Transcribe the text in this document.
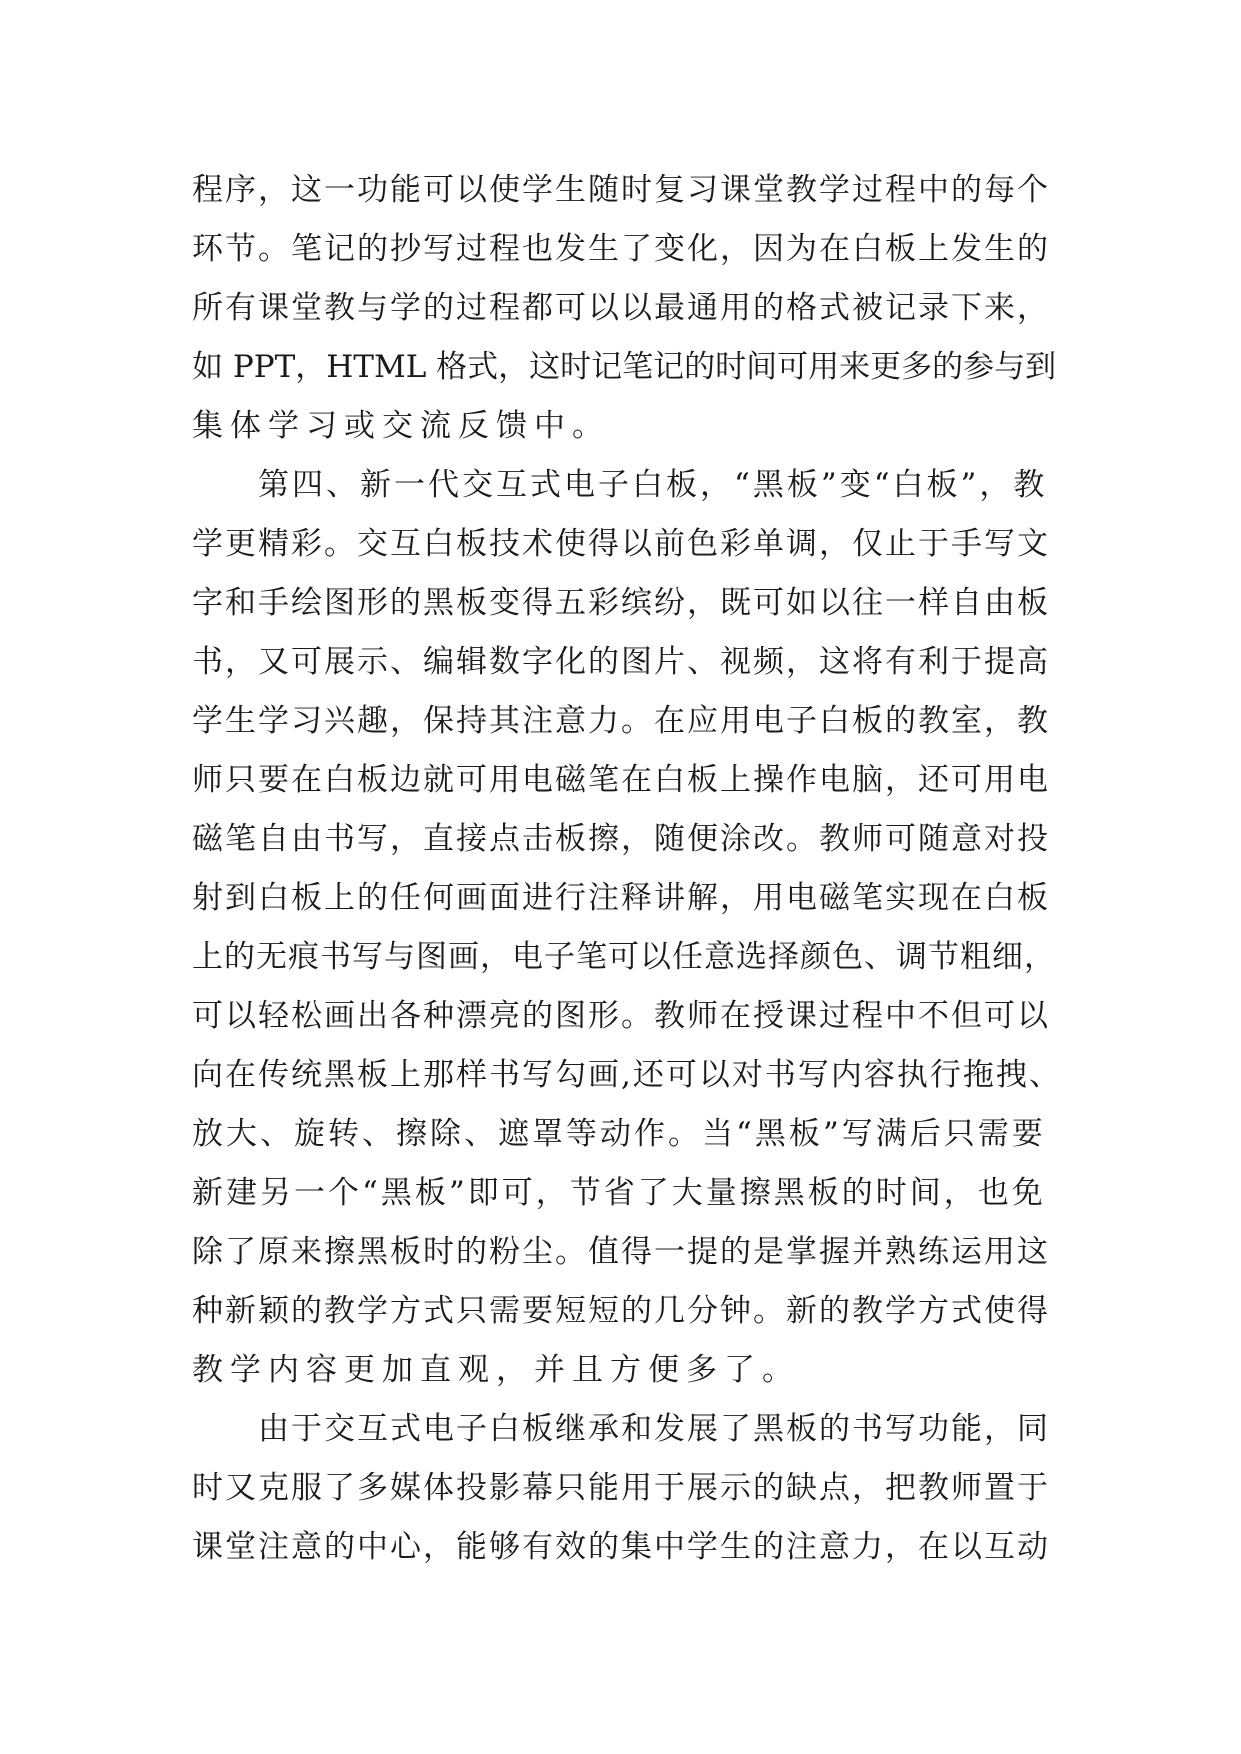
程序，这一功能可以使学生随时复习课堂教学过程中的每个
环节。笔记的抄写过程也发生了变化，因为在白板上发生的
所有课堂教与学的过程都可以以最通用的格式被记录下来，
如 PPT，HTML 格式，这时记笔记的时间可用来更多的参与到
集体学习或交流反馈中。
第四、新一代交互式电子白板，“黑板”变“白板”，教
学更精彩。交互白板技术使得以前色彩单调，仅止于手写文
字和手绘图形的黑板变得五彩缤纷，既可如以往一样自由板
书，又可展示、编辑数字化的图片、视频，这将有利于提高
学生学习兴趣，保持其注意力。在应用电子白板的教室，教
师只要在白板边就可用电磁笔在白板上操作电脑，还可用电
磁笔自由书写，直接点击板擦，随便涂改。教师可随意对投
射到白板上的任何画面进行注释讲解，用电磁笔实现在白板
上的无痕书写与图画，电子笔可以任意选择颜色、调节粗细，
可以轻松画出各种漂亮的图形。教师在授课过程中不但可以
向在传统黑板上那样书写勾画,还可以对书写内容执行拖拽、
放大、旋转、擦除、遮罩等动作。当“黑板”写满后只需要
新建另一个“黑板”即可，节省了大量擦黑板的时间，也免
除了原来擦黑板时的粉尘。值得一提的是掌握并熟练运用这
种新颖的教学方式只需要短短的几分钟。新的教学方式使得
教学内容更加直观，并且方便多了。
由于交互式电子白板继承和发展了黑板的书写功能，同
时又克服了多媒体投影幕只能用于展示的缺点，把教师置于
课堂注意的中心，能够有效的集中学生的注意力，在以互动
